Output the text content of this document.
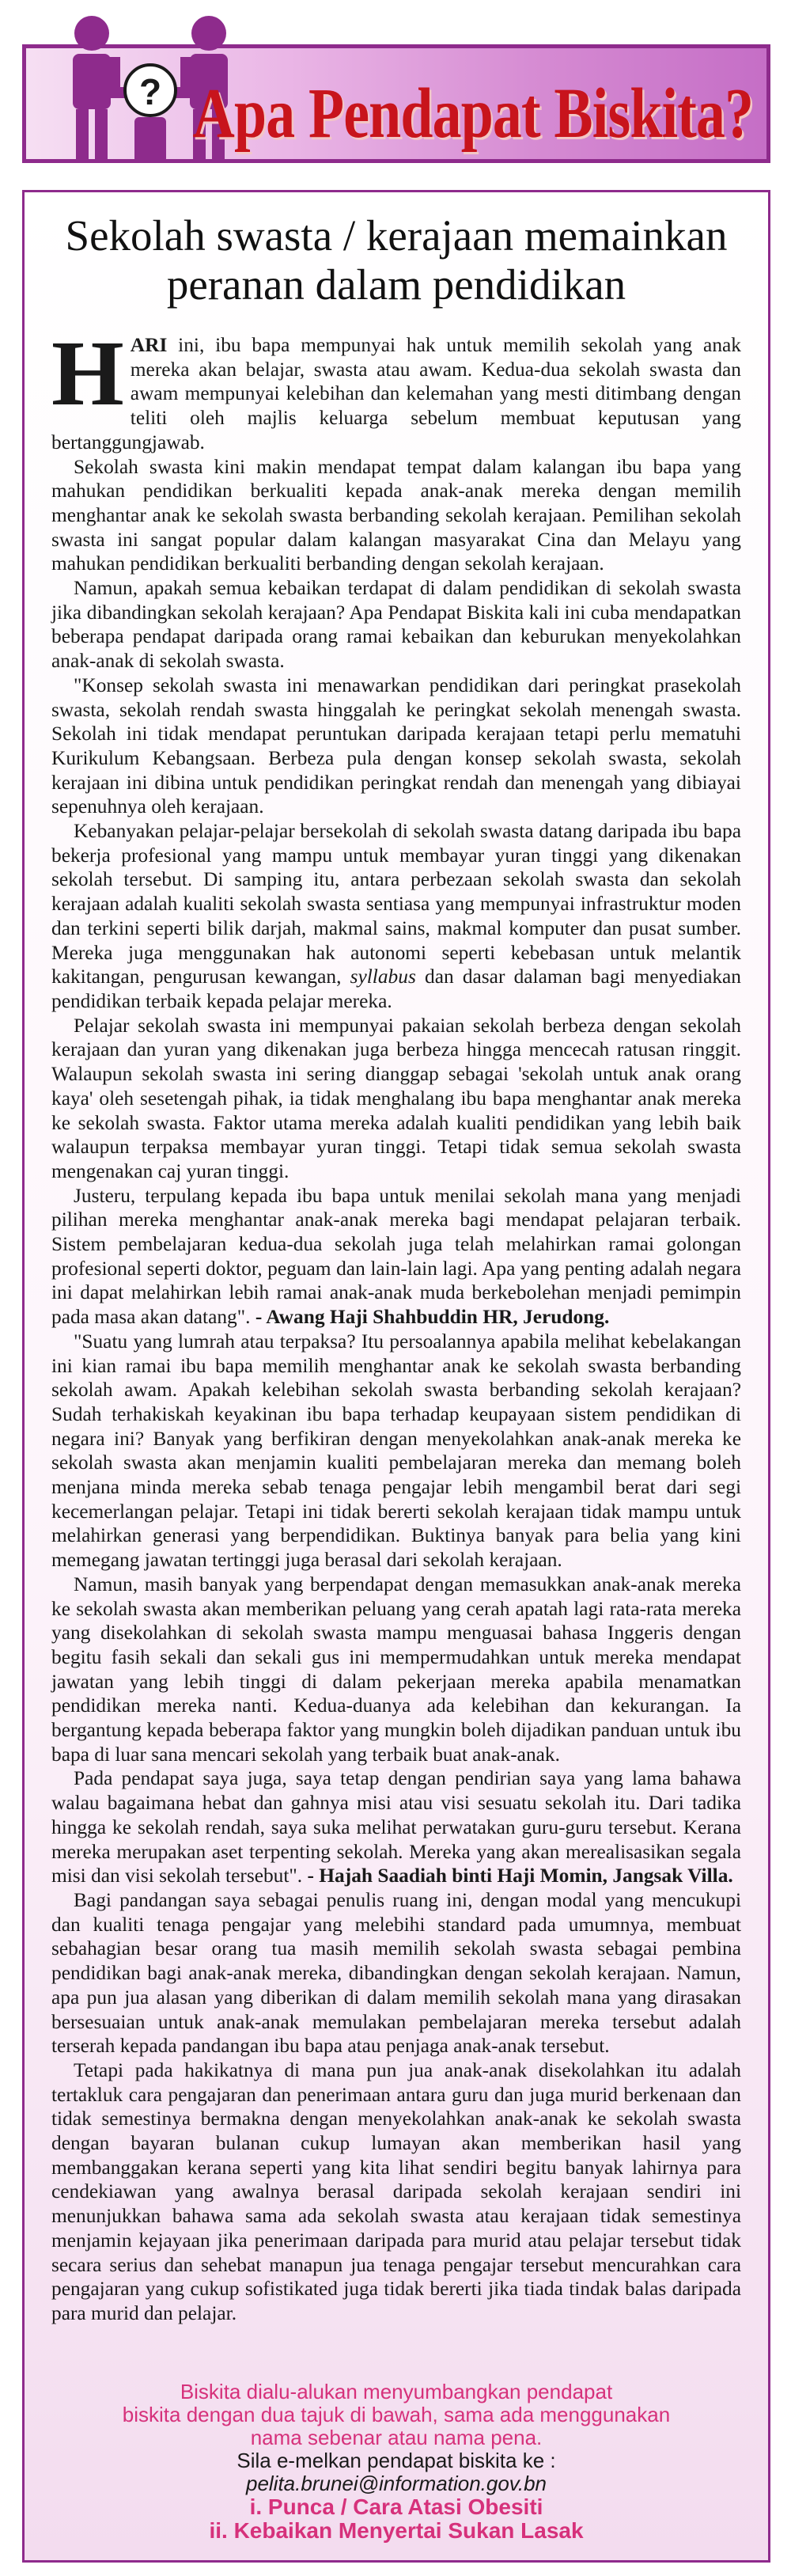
? Apa Pendapat Biskita?
Sekolah swasta / kerajaan memainkan
peranan dalam pendidikan

HARI ini, ibu bapa mempunyai hak untuk memilih sekolah yang anak mereka akan belajar, swasta atau awam. Kedua-dua sekolah swasta dan awam mempunyai kelebihan dan kelemahan yang mesti ditimbang dengan teliti oleh majlis keluarga sebelum membuat keputusan yang bertanggungjawab.

Sekolah swasta kini makin mendapat tempat dalam kalangan ibu bapa yang mahukan pendidikan berkualiti kepada anak-anak mereka dengan memilih menghantar anak ke sekolah swasta berbanding sekolah kerajaan. Pemilihan sekolah swasta ini sangat popular dalam kalangan masyarakat Cina dan Melayu yang mahukan pendidikan berkualiti berbanding dengan sekolah kerajaan.

Namun, apakah semua kebaikan terdapat di dalam pendidikan di sekolah swasta jika dibandingkan sekolah kerajaan? Apa Pendapat Biskita kali ini cuba mendapatkan beberapa pendapat daripada orang ramai kebaikan dan keburukan menyekolahkan anak-anak di sekolah swasta.

"Konsep sekolah swasta ini menawarkan pendidikan dari peringkat prasekolah swasta, sekolah rendah swasta hinggalah ke peringkat sekolah menengah swasta. Sekolah ini tidak mendapat peruntukan daripada kerajaan tetapi perlu mematuhi Kurikulum Kebangsaan. Berbeza pula dengan konsep sekolah swasta, sekolah kerajaan ini dibina untuk pendidikan peringkat rendah dan menengah yang dibiayai sepenuhnya oleh kerajaan.

Kebanyakan pelajar-pelajar bersekolah di sekolah swasta datang daripada ibu bapa bekerja profesional yang mampu untuk membayar yuran tinggi yang dikenakan sekolah tersebut. Di samping itu, antara perbezaan sekolah swasta dan sekolah kerajaan adalah kualiti sekolah swasta sentiasa yang mempunyai infrastruktur moden dan terkini seperti bilik darjah, makmal sains, makmal komputer dan pusat sumber. Mereka juga menggunakan hak autonomi seperti kebebasan untuk melantik kakitangan, pengurusan kewangan, syllabus dan dasar dalaman bagi menyediakan pendidikan terbaik kepada pelajar mereka.

Pelajar sekolah swasta ini mempunyai pakaian sekolah berbeza dengan sekolah kerajaan dan yuran yang dikenakan juga berbeza hingga mencecah ratusan ringgit. Walaupun sekolah swasta ini sering dianggap sebagai 'sekolah untuk anak orang kaya' oleh sesetengah pihak, ia tidak menghalang ibu bapa menghantar anak mereka ke sekolah swasta. Faktor utama mereka adalah kualiti pendidikan yang lebih baik walaupun terpaksa membayar yuran tinggi. Tetapi tidak semua sekolah swasta mengenakan caj yuran tinggi.

Justeru, terpulang kepada ibu bapa untuk menilai sekolah mana yang menjadi pilihan mereka menghantar anak-anak mereka bagi mendapat pelajaran terbaik. Sistem pembelajaran kedua-dua sekolah juga telah melahirkan ramai golongan profesional seperti doktor, peguam dan lain-lain lagi. Apa yang penting adalah negara ini dapat melahirkan lebih ramai anak-anak muda berkebolehan menjadi pemimpin pada masa akan datang". - Awang Haji Shahbuddin HR, Jerudong.

"Suatu yang lumrah atau terpaksa? Itu persoalannya apabila melihat kebelakangan ini kian ramai ibu bapa memilih menghantar anak ke sekolah swasta berbanding sekolah awam. Apakah kelebihan sekolah swasta berbanding sekolah kerajaan? Sudah terhakiskah keyakinan ibu bapa terhadap keupayaan sistem pendidikan di negara ini? Banyak yang berfikiran dengan menyekolahkan anak-anak mereka ke sekolah swasta akan menjamin kualiti pembelajaran mereka dan memang boleh menjana minda mereka sebab tenaga pengajar lebih mengambil berat dari segi kecemerlangan pelajar. Tetapi ini tidak bererti sekolah kerajaan tidak mampu untuk melahirkan generasi yang berpendidikan. Buktinya banyak para belia yang kini memegang jawatan tertinggi juga berasal dari sekolah kerajaan.

Namun, masih banyak yang berpendapat dengan memasukkan anak-anak mereka ke sekolah swasta akan memberikan peluang yang cerah apatah lagi rata-rata mereka yang disekolahkan di sekolah swasta mampu menguasai bahasa Inggeris dengan begitu fasih sekali dan sekali gus ini mempermudahkan untuk mereka mendapat jawatan yang lebih tinggi di dalam pekerjaan mereka apabila menamatkan pendidikan mereka nanti. Kedua-duanya ada kelebihan dan kekurangan. Ia bergantung kepada beberapa faktor yang mungkin boleh dijadikan panduan untuk ibu bapa di luar sana mencari sekolah yang terbaik buat anak-anak.

Pada pendapat saya juga, saya tetap dengan pendirian saya yang lama bahawa walau bagaimana hebat dan gahnya misi atau visi sesuatu sekolah itu. Dari tadika hingga ke sekolah rendah, saya suka melihat perwatakan guru-guru tersebut. Kerana mereka merupakan aset terpenting sekolah. Mereka yang akan merealisasikan segala misi dan visi sekolah tersebut". - Hajah Saadiah binti Haji Momin, Jangsak Villa.

Bagi pandangan saya sebagai penulis ruang ini, dengan modal yang mencukupi dan kualiti tenaga pengajar yang melebihi standard pada umumnya, membuat sebahagian besar orang tua masih memilih sekolah swasta sebagai pembina pendidikan bagi anak-anak mereka, dibandingkan dengan sekolah kerajaan. Namun, apa pun jua alasan yang diberikan di dalam memilih sekolah mana yang dirasakan bersesuaian untuk anak-anak memulakan pembelajaran mereka tersebut adalah terserah kepada pandangan ibu bapa atau penjaga anak-anak tersebut.

Tetapi pada hakikatnya di mana pun jua anak-anak disekolahkan itu adalah tertakluk cara pengajaran dan penerimaan antara guru dan juga murid berkenaan dan tidak semestinya bermakna dengan menyekolahkan anak-anak ke sekolah swasta dengan bayaran bulanan cukup lumayan akan memberikan hasil yang membanggakan kerana seperti yang kita lihat sendiri begitu banyak lahirnya para cendekiawan yang awalnya berasal daripada sekolah kerajaan sendiri ini menunjukkan bahawa sama ada sekolah swasta atau kerajaan tidak semestinya menjamin kejayaan jika penerimaan daripada para murid atau pelajar tersebut tidak secara serius dan sehebat manapun jua tenaga pengajar tersebut mencurahkan cara pengajaran yang cukup sofistikated juga tidak bererti jika tiada tindak balas daripada para murid dan pelajar.

Biskita dialu-alukan menyumbangkan pendapat
biskita dengan dua tajuk di bawah, sama ada menggunakan
nama sebenar atau nama pena.
Sila e-melkan pendapat biskita ke :
pelita.brunei@information.gov.bn
i. Punca / Cara Atasi Obesiti
ii. Kebaikan Menyertai Sukan Lasak
